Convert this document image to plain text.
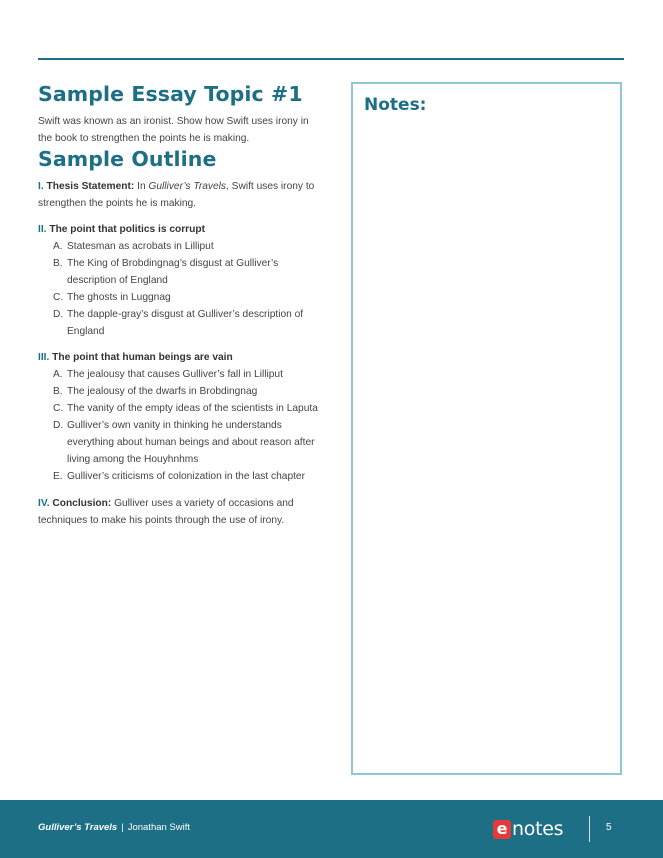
Sample Essay Topic #1
Swift was known as an ironist. Show how Swift uses irony in the book to strengthen the points he is making.
Sample Outline
I. Thesis Statement: In Gulliver’s Travels, Swift uses irony to strengthen the points he is making.
II. The point that politics is corrupt
A. Statesman as acrobats in Lilliput
B. The King of Brobdingnag’s disgust at Gulliver’s description of England
C. The ghosts in Luggnag
D. The dapple-gray’s disgust at Gulliver’s description of England
III. The point that human beings are vain
A. The jealousy that causes Gulliver’s fall in Lilliput
B. The jealousy of the dwarfs in Brobdingnag
C. The vanity of the empty ideas of the scientists in Laputa
D. Gulliver’s own vanity in thinking he understands everything about human beings and about reason after living among the Houyhnhms
E. Gulliver’s criticisms of colonization in the last chapter
IV. Conclusion: Gulliver uses a variety of occasions and techniques to make his points through the use of irony.
Notes:
Gulliver’s Travels | Jonathan Swift	e notes	5
